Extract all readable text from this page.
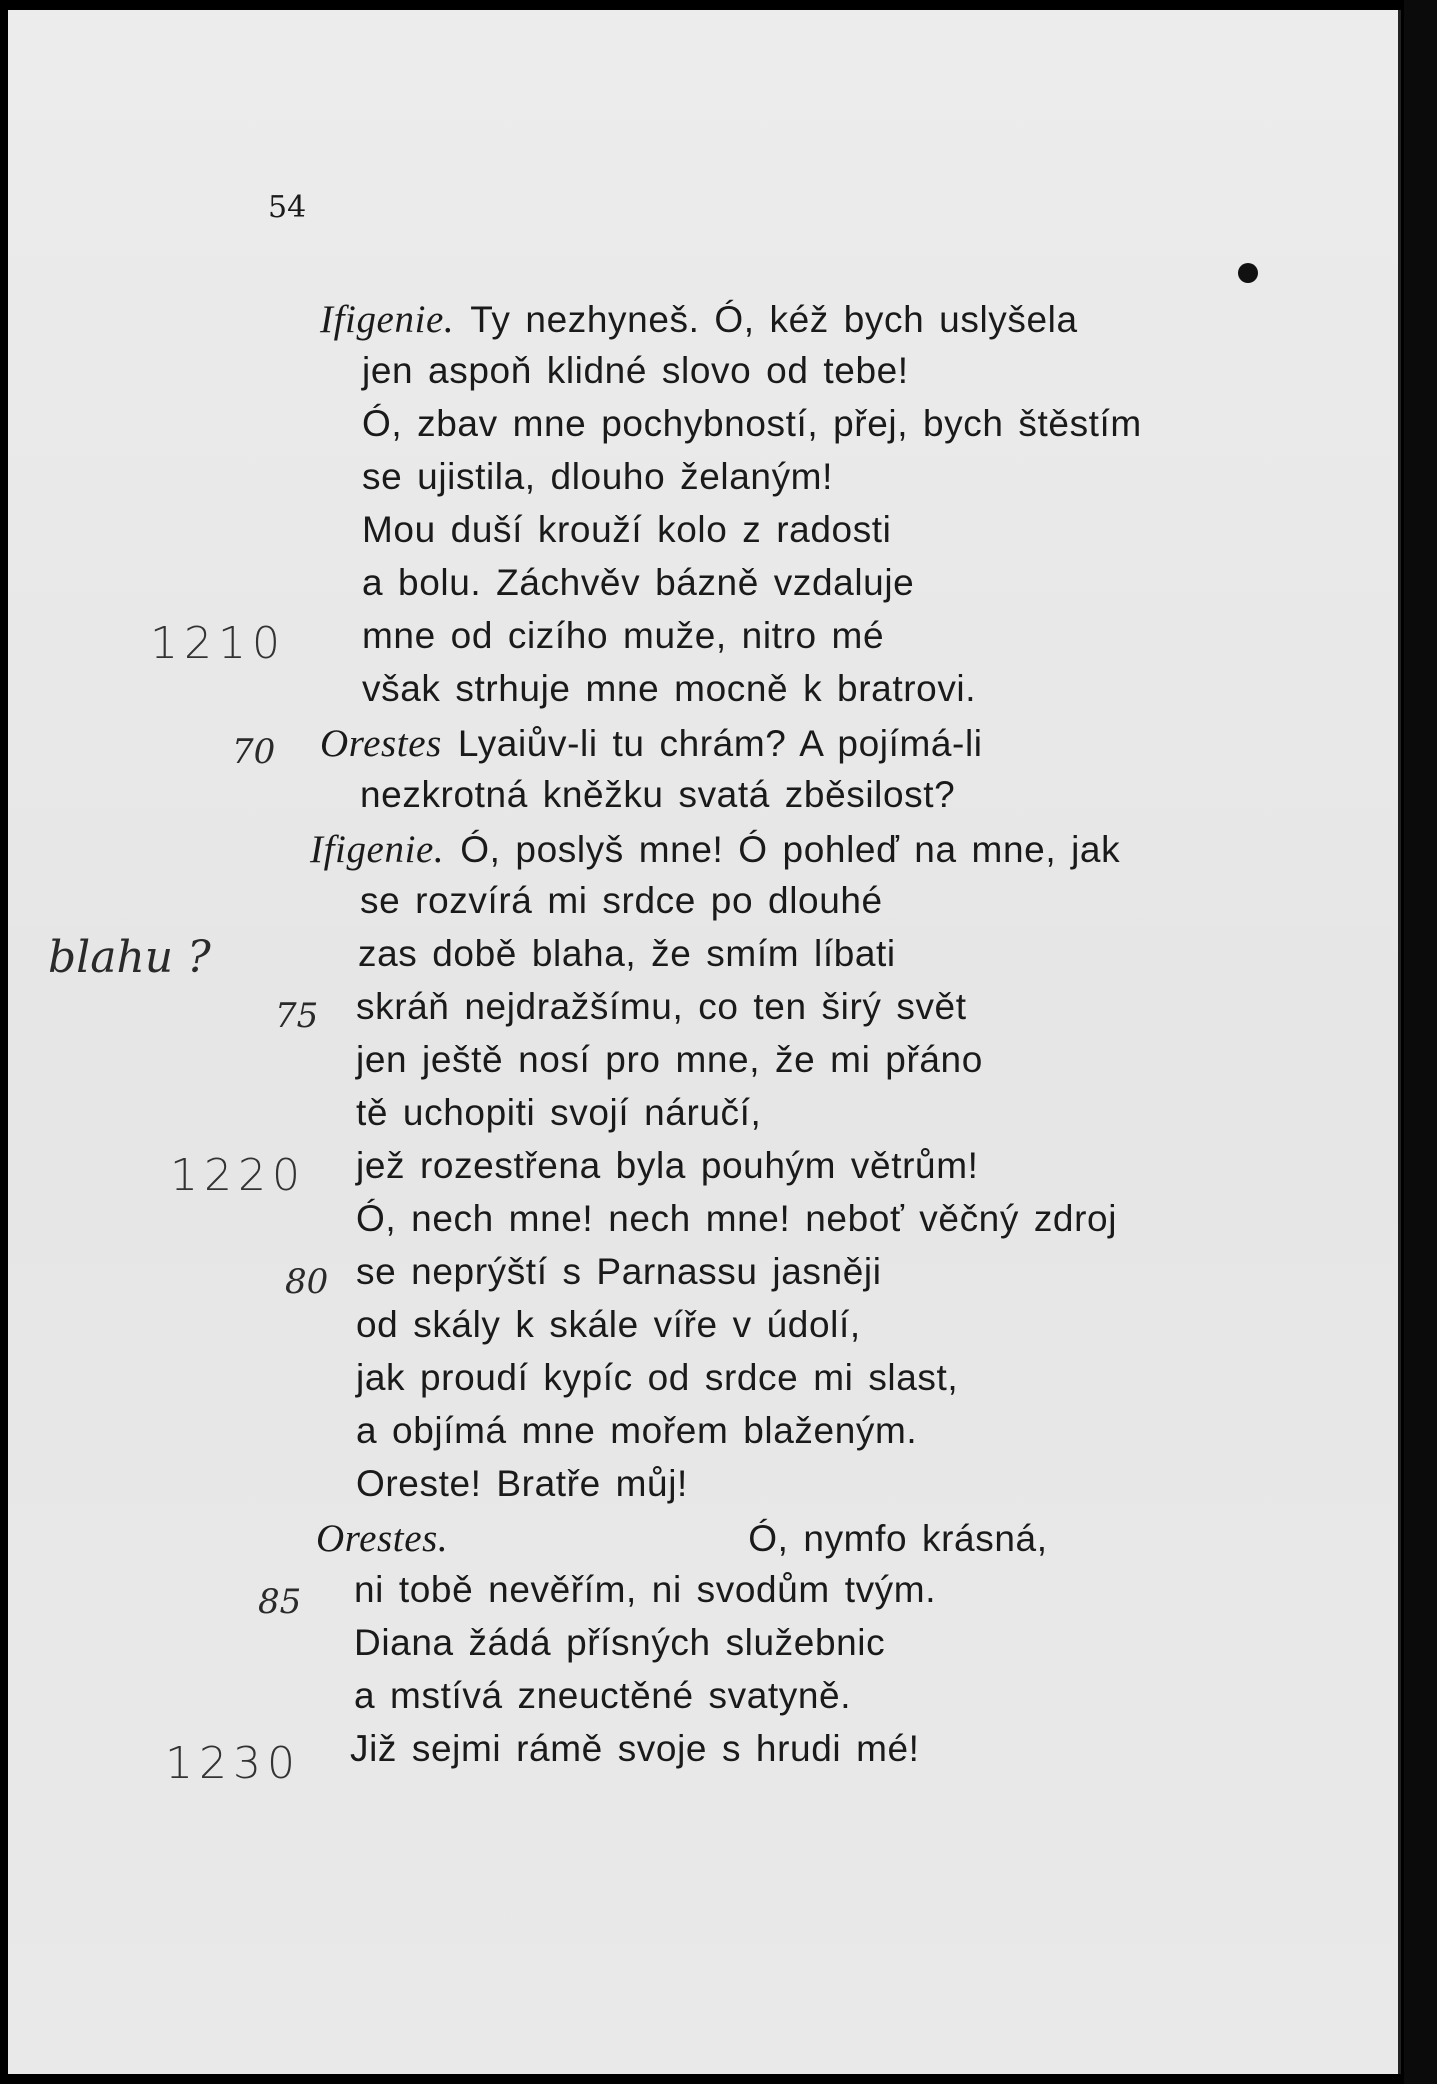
54
1210
70
blahu ?
75
1220
80
85
1230
Ifigenie. Ty nezhyneš. Ó, kéž bych uslyšela
jen aspoň klidné slovo od tebe!
Ó, zbav mne pochybností, přej, bych štěstím
se ujistila, dlouho želaným!
Mou duší krouží kolo z radosti
a bolu. Záchvěv bázně vzdaluje
mne od cizího muže, nitro mé
však strhuje mne mocně k bratrovi.
Orestes Lyaiův-li tu chrám? A pojímá-li
nezkrotná kněžku svatá zběsilost?
Ifigenie. Ó, poslyš mne! Ó pohleď na mne, jak
se rozvírá mi srdce po dlouhé
zas době blaha, že smím líbati
skráň nejdražšímu, co ten širý svět
jen ještě nosí pro mne, že mi přáno
tě uchopiti svojí náručí,
jež rozestřena byla pouhým větrům!
Ó, nech mne! nech mne! neboť věčný zdroj
se neprýští s Parnassu jasněji
od skály k skále víře v údolí,
jak proudí kypíc od srdce mi slast,
a objímá mne mořem blaženým.
Oreste! Bratře můj!
Orestes.	Ó, nymfo krásná,
ni tobě nevěřím, ni svodům tvým.
Diana žádá přísných služebnic
a mstívá zneuctěné svatyně.
Již sejmi rámě svoje s hrudi mé!
